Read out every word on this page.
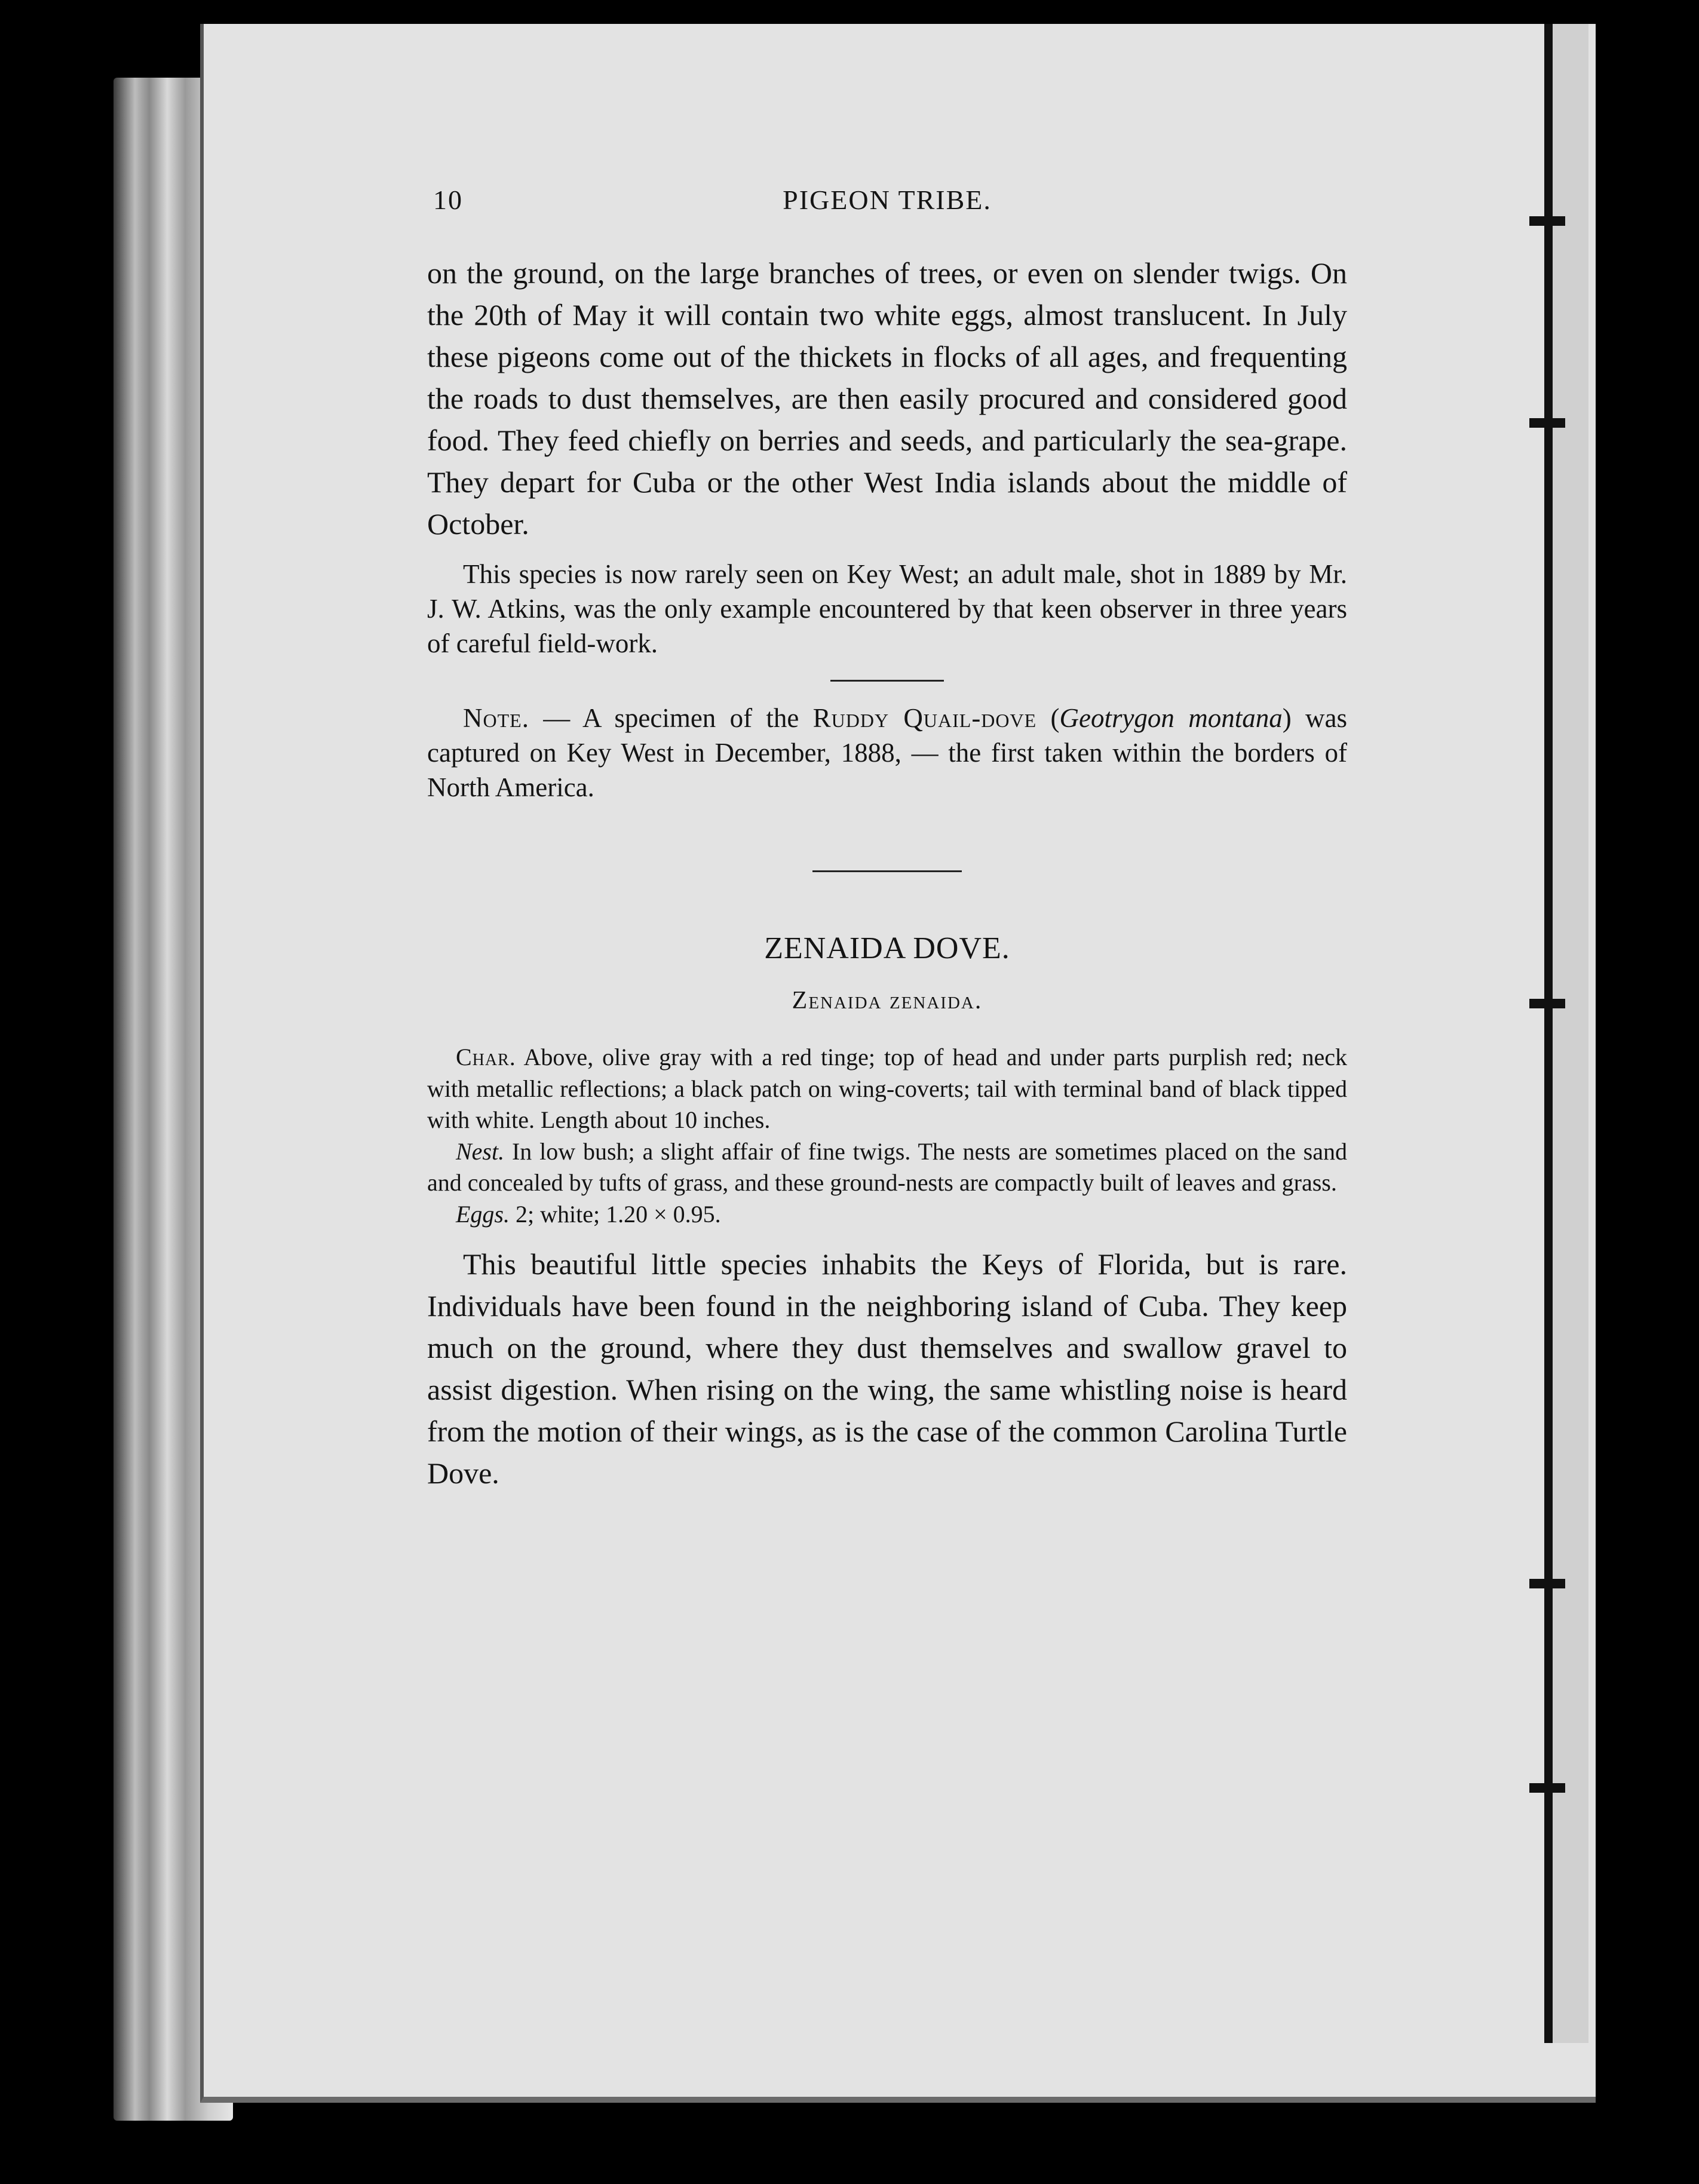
10	PIGEON TRIBE.

on the ground, on the large branches of trees, or even on slender twigs. On the 20th of May it will contain two white eggs, almost translucent. In July these pigeons come out of the thickets in flocks of all ages, and frequenting the roads to dust themselves, are then easily procured and considered good food. They feed chiefly on berries and seeds, and particularly the sea-grape. They depart for Cuba or the other West India islands about the middle of October.

This species is now rarely seen on Key West; an adult male, shot in 1889 by Mr. J. W. Atkins, was the only example encountered by that keen observer in three years of careful field-work.

Note. — A specimen of the Ruddy Quail-dove (Geotrygon montana) was captured on Key West in December, 1888, — the first taken within the borders of North America.

ZENAIDA DOVE.

Zenaida zenaida.

Char. Above, olive gray with a red tinge; top of head and under parts purplish red; neck with metallic reflections; a black patch on wing-coverts; tail with terminal band of black tipped with white. Length about 10 inches.

Nest. In low bush; a slight affair of fine twigs. The nests are sometimes placed on the sand and concealed by tufts of grass, and these ground-nests are compactly built of leaves and grass.

Eggs. 2; white; 1.20 × 0.95.

This beautiful little species inhabits the Keys of Florida, but is rare. Individuals have been found in the neighboring island of Cuba. They keep much on the ground, where they dust themselves and swallow gravel to assist digestion. When rising on the wing, the same whistling noise is heard from the motion of their wings, as is the case of the common Carolina Turtle Dove.
